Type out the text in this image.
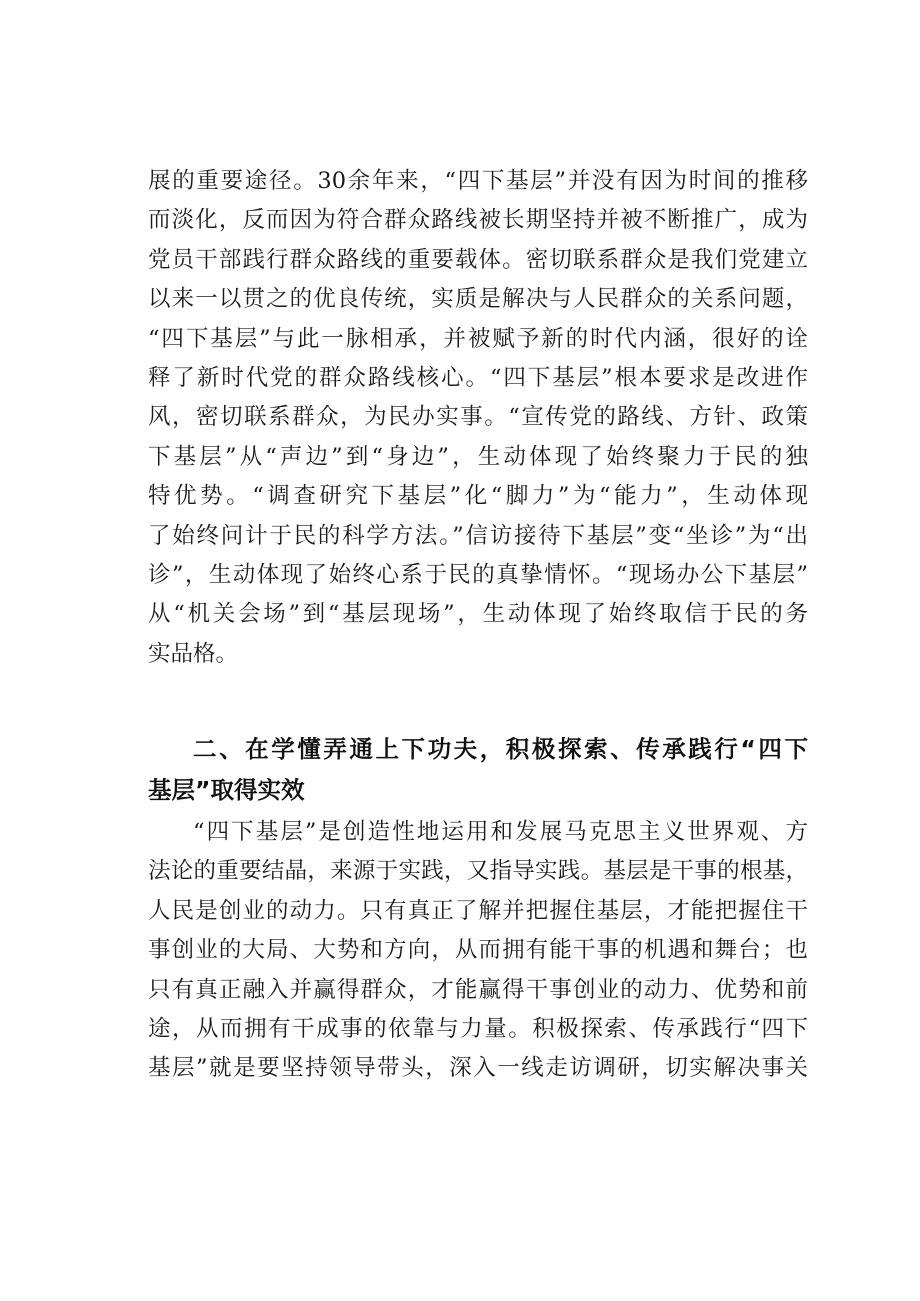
展的重要途径。30余年来，“四下基层”并没有因为时间的推移
而淡化，反而因为符合群众路线被长期坚持并被不断推广，成为
党员干部践行群众路线的重要载体。密切联系群众是我们党建立
以来一以贯之的优良传统，实质是解决与人民群众的关系问题，
“四下基层”与此一脉相承，并被赋予新的时代内涵，很好的诠
释了新时代党的群众路线核心。“四下基层”根本要求是改进作
风，密切联系群众，为民办实事。“宣传党的路线、方针、政策
下基层”从“声边”到“身边”，生动体现了始终聚力于民的独
特优势。“调查研究下基层”化“脚力”为“能力”，生动体现
了始终问计于民的科学方法。”信访接待下基层”变“坐诊”为“出
诊”，生动体现了始终心系于民的真挚情怀。“现场办公下基层”
从“机关会场”到“基层现场”，生动体现了始终取信于民的务
实品格。
二、在学懂弄通上下功夫，积极探索、传承践行“四下
基层”取得实效
“四下基层”是创造性地运用和发展马克思主义世界观、方
法论的重要结晶，来源于实践，又指导实践。基层是干事的根基，
人民是创业的动力。只有真正了解并把握住基层，才能把握住干
事创业的大局、大势和方向，从而拥有能干事的机遇和舞台；也
只有真正融入并赢得群众，才能赢得干事创业的动力、优势和前
途，从而拥有干成事的依靠与力量。积极探索、传承践行“四下
基层”就是要坚持领导带头，深入一线走访调研，切实解决事关
